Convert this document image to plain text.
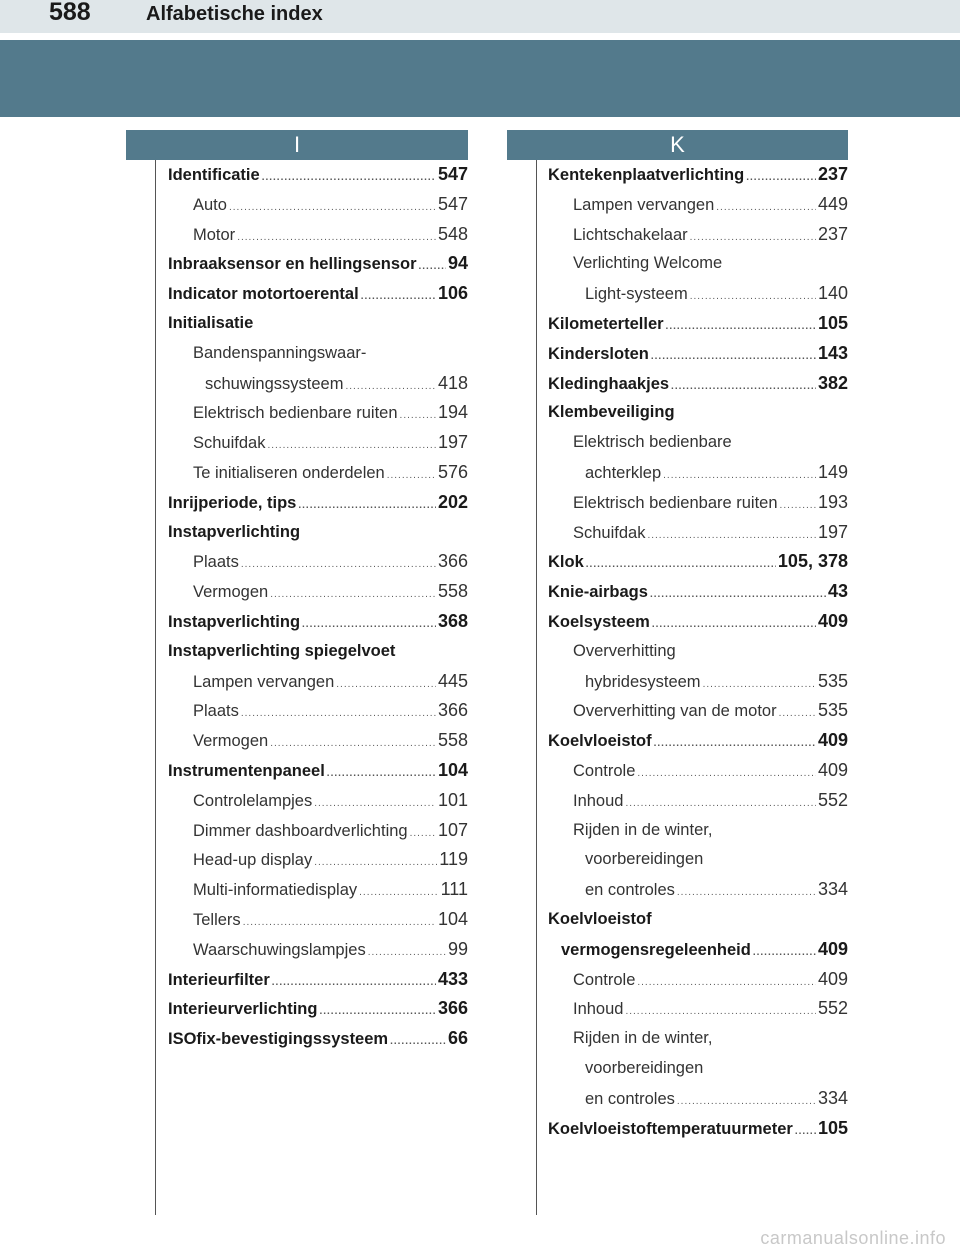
588	Alfabetische index
I	K
Identificatie .....	547
Auto .....	547
Motor .....	548
Inbraaksensor en hellingsensor ..... 94
Indicator motortoerental .....	106
Initialisatie
Bandenspanningswaar-
schuwingssysteem .....	418
Elektrisch bedienbare ruiten ..... 194
Schuifdak .....	197
Te initialiseren onderdelen .....	576
Inrijperiode, tips .....	202
Instapverlichting
Plaats .....	366
Vermogen .....	558
Instapverlichting .....	368
Instapverlichting spiegelvoet
Lampen vervangen .....	445
Plaats .....	366
Vermogen .....	558
Instrumentenpaneel .....	104
Controlelampjes .....	101
Dimmer dashboardverlichting ..... 107
Head-up display .....	119
Multi-informatiedisplay .....	111
Tellers .....	104
Waarschuwingslampjes .....	99
Interieurfilter .....	433
Interieurverlichting .....	366
ISOfix-bevestigingssysteem .....	66
Kentekenplaatverlichting .....	237
Lampen vervangen .....	449
Lichtschakelaar .....	237
Verlichting Welcome
Light-systeem .....	140
Kilometerteller .....	105
Kindersloten .....	143
Kledinghaakjes .....	382
Klembeveiliging
Elektrisch bedienbare
achterklep .....	149
Elektrisch bedienbare ruiten ..... 193
Schuifdak .....	197
Klok .....	105, 378
Knie-airbags .....	43
Koelsysteem .....	409
Oververhitting
hybridesysteem .....	535
Oververhitting van de motor ..... 535
Koelvloeistof .....	409
Controle .....	409
Inhoud .....	552
Rijden in de winter,
voorbereidingen
en controles .....	334
Koelvloeistof
vermogensregeleenheid .....	409
Controle .....	409
Inhoud .....	552
Rijden in de winter,
voorbereidingen
en controles .....	334
Koelvloeistoftemperatuurmeter ..... 105
carmanualsonline.info
